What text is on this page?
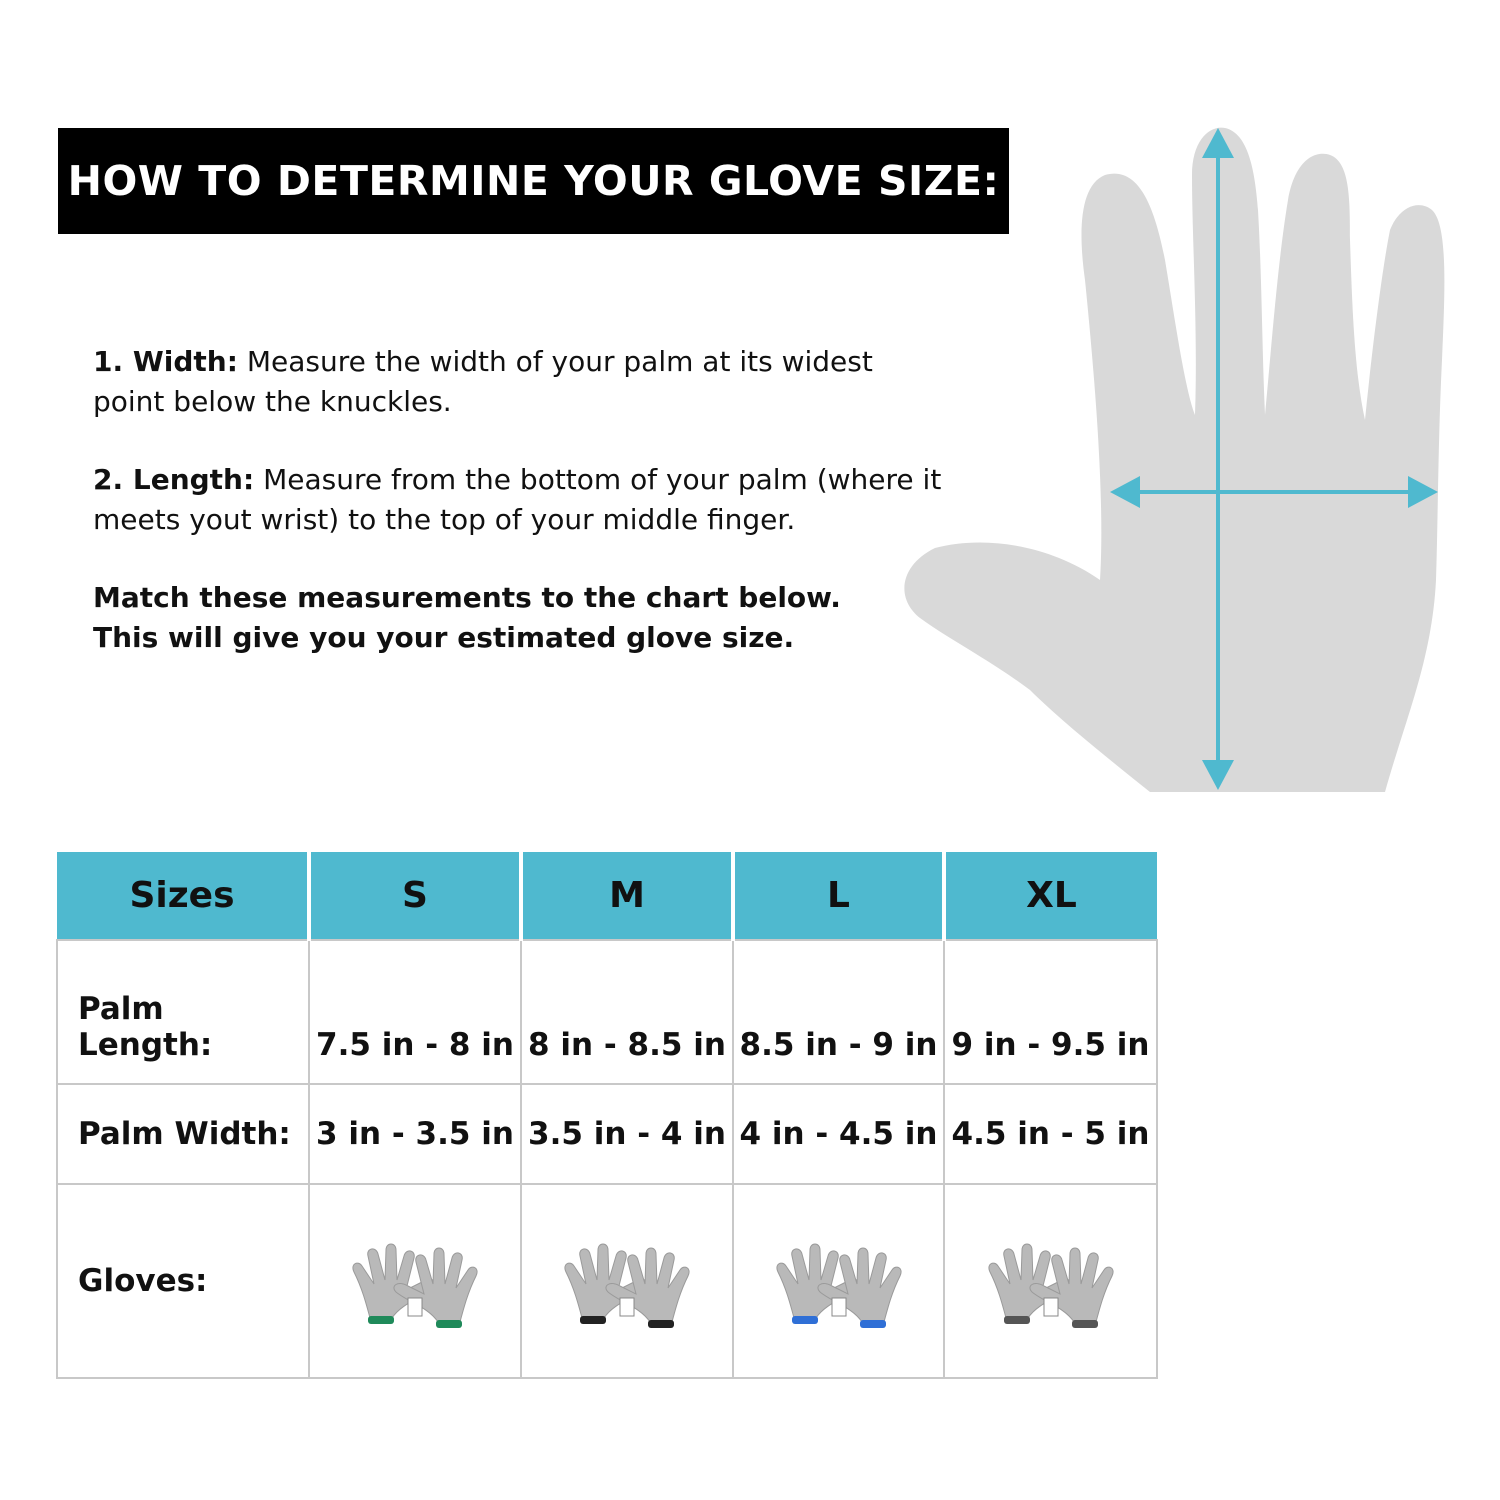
HOW TO DETERMINE YOUR GLOVE SIZE:

1. Width: Measure the width of your palm at its widest point below the knuckles.

2. Length: Measure from the bottom of your palm (where it meets yout wrist) to the top of your middle finger.

Match these measurements to the chart below.
This will give you your estimated glove size.

Sizes	S	M	L	XL
Palm Length:	7.5 in - 8 in	8 in - 8.5 in	8.5 in - 9 in	9 in - 9.5 in
Palm Width:	3 in - 3.5 in	3.5 in - 4 in	4 in - 4.5 in	4.5 in - 5 in
Gloves:				
